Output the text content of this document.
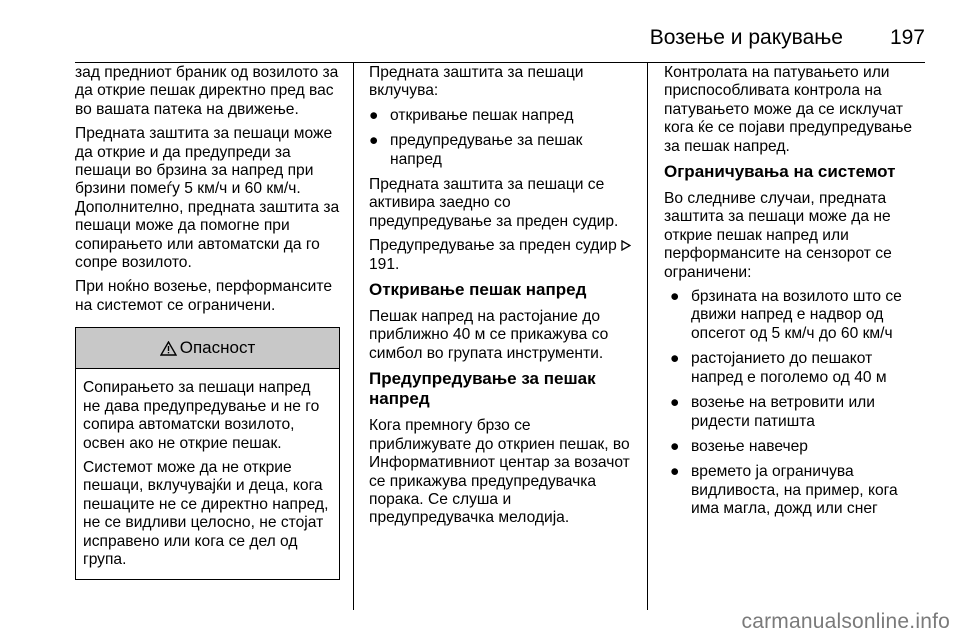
Возење и ракување 197

зад предниот браник од возилото за да открие пешак директно пред вас во вашата патека на движење.

Предната заштита за пешаци може да открие и да предупреди за пешаци во брзина за напред при брзини помеѓу 5 км/ч и 60 км/ч. Дополнително, предната заштита за пешаци може да помогне при сопирањето или автоматски да го сопре возилото.

При ноќно возење, перформансите на системот се ограничени.

Опасност

Сопирањето за пешаци напред не дава предупредување и не го сопира автоматски возилото, освен ако не открие пешак.

Системот може да не открие пешаци, вклучувајќи и деца, кога пешаците не се директно напред, не се видливи целосно, не стојат исправено или кога се дел од група.

Предната заштита за пешаци вклучува:

● откривање пешак напред
● предупредување за пешак напред

Предната заштита за пешаци се активира заедно со предупредување за преден судир.

Предупредување за преден судир  191.

Откривање пешак напред

Пешак напред на растојание до приближно 40 м се прикажува со симбол во групата инструменти.

Предупредување за пешак напред

Кога премногу брзо се приближувате до откриен пешак, во Информативниот центар за возачот се прикажува предупредувачка порака. Се слуша и предупредувачка мелодија.

Контролата на патувањето или приспособливата контрола на патувањето може да се исклучат кога ќе се појави предупредување за пешак напред.

Ограничувања на системот

Во следниве случаи, предната заштита за пешаци може да не открие пешак напред или перформансите на сензорот се ограничени:

● брзината на возилото што се движи напред е надвор од опсегот од 5 км/ч до 60 км/ч
● растојанието до пешакот напред е поголемо од 40 м
● возење на ветровити или ридести патишта
● возење навечер
● времето ја ограничува видливоста, на пример, кога има магла, дожд или снег
carmanualsonline.info
